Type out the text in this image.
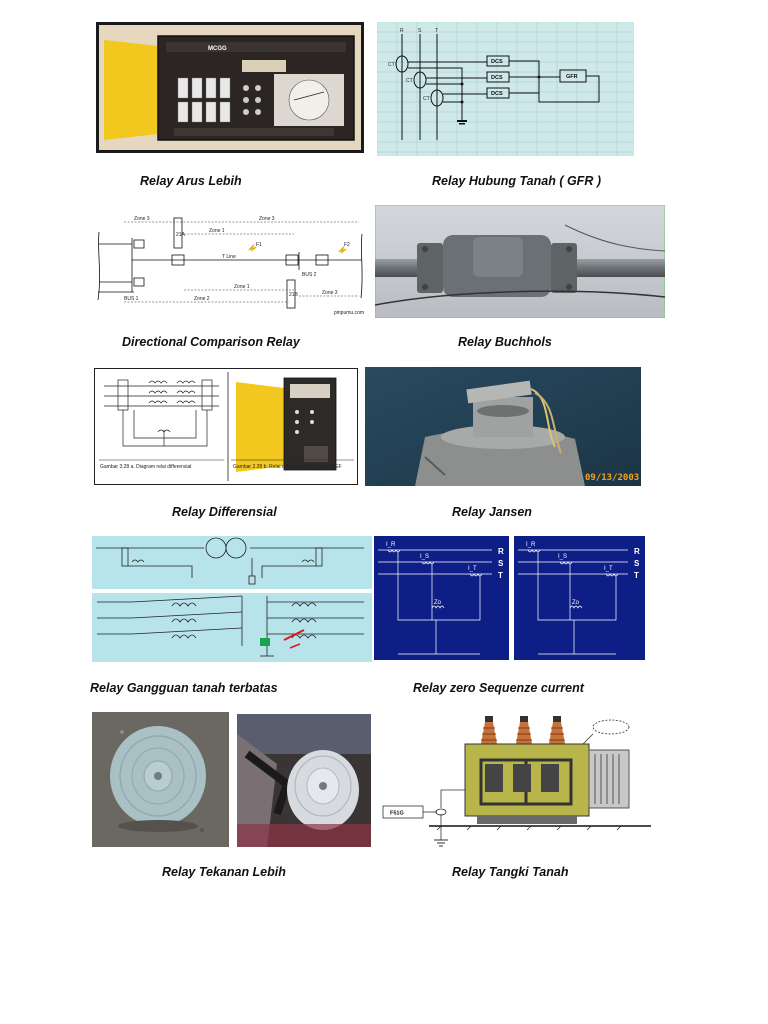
MCGG
R	S	T
CT
CT
CT
DCS
DCS
DCS
GFR
Relay Arus Lebih	Relay Hubung Tanah ( GFR )
Zone 3	Zone 3
Zone 1
Zone 1
Zone 2
Zone 3
F1	F2
BUS 1
BUS 2
T Line
21A
21B
pinpumu.com
Directional Comparison Relay	Relay Buchhols
Gambar 3.28 a. Diagram relai differensial	Gambar 2.28 b. Relai differensial REF dan SBEF
09/13/2003
Relay Differensial	Relay Jansen
I_R
I_S
I_T
R
S
T
Zo
I_R
I_S
I_T
R
S
T
Zo
Relay Gangguan tanah terbatas	Relay zero Sequenze current
F51G
Relay Tekanan Lebih	Relay Tangki Tanah
